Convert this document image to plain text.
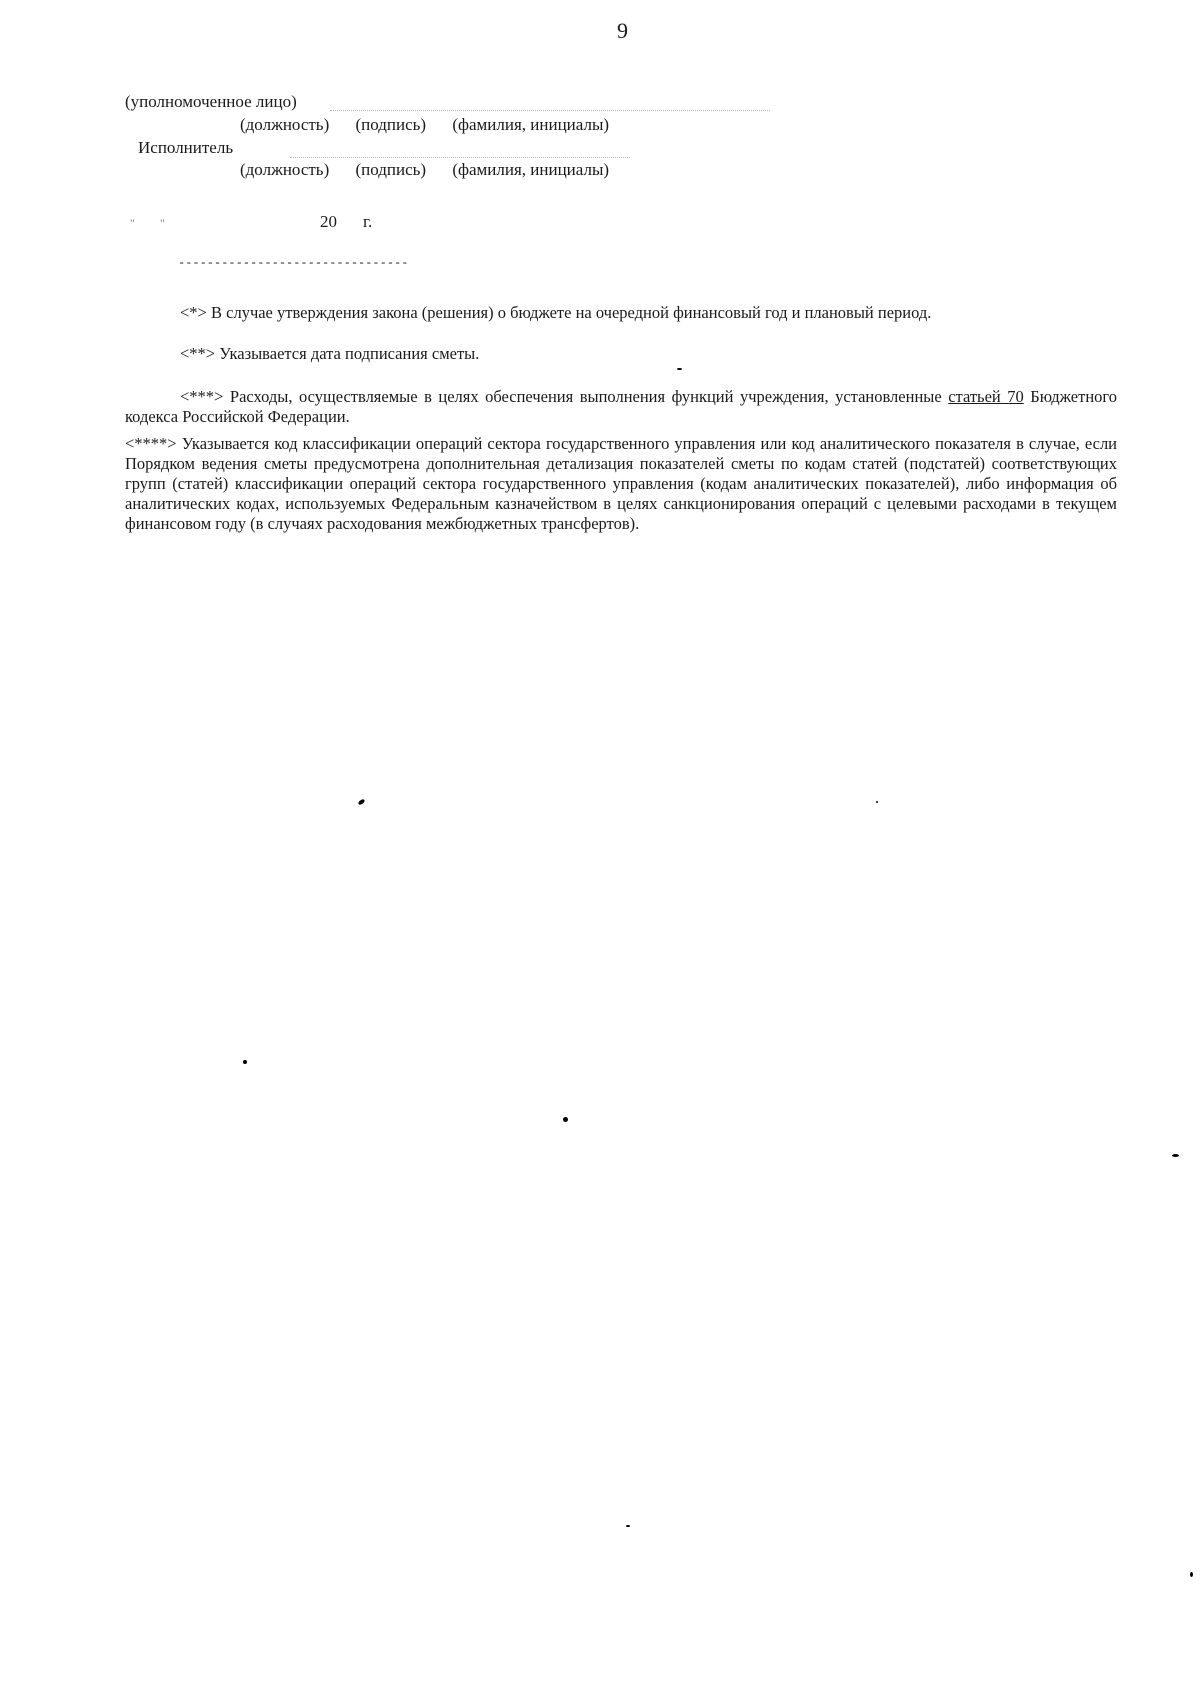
9
(уполномоченное лицо)
(должность) (подпись) (фамилия, инициалы)
Исполнитель
(должность) (подпись) (фамилия, инициалы)
" "	20 г.
--------------------------------
<*> В случае утверждения закона (решения) о бюджете на очередной финансовый год и плановый период.
<**> Указывается дата подписания сметы.
<***> Расходы, осуществляемые в целях обеспечения выполнения функций учреждения, установленные статьей 70 Бюджетного кодекса Российской Федерации.
<****> Указывается код классификации операций сектора государственного управления или код аналитического показателя в случае, если Порядком ведения сметы предусмотрена дополнительная детализация показателей сметы по кодам статей (подстатей) соответствующих групп (статей) классификации операций сектора государственного управления (кодам аналитических показателей), либо информация об аналитических кодах, используемых Федеральным казначейством в целях санкционирования операций с целевыми расходами в текущем финансовом году (в случаях расходования межбюджетных трансфертов).
